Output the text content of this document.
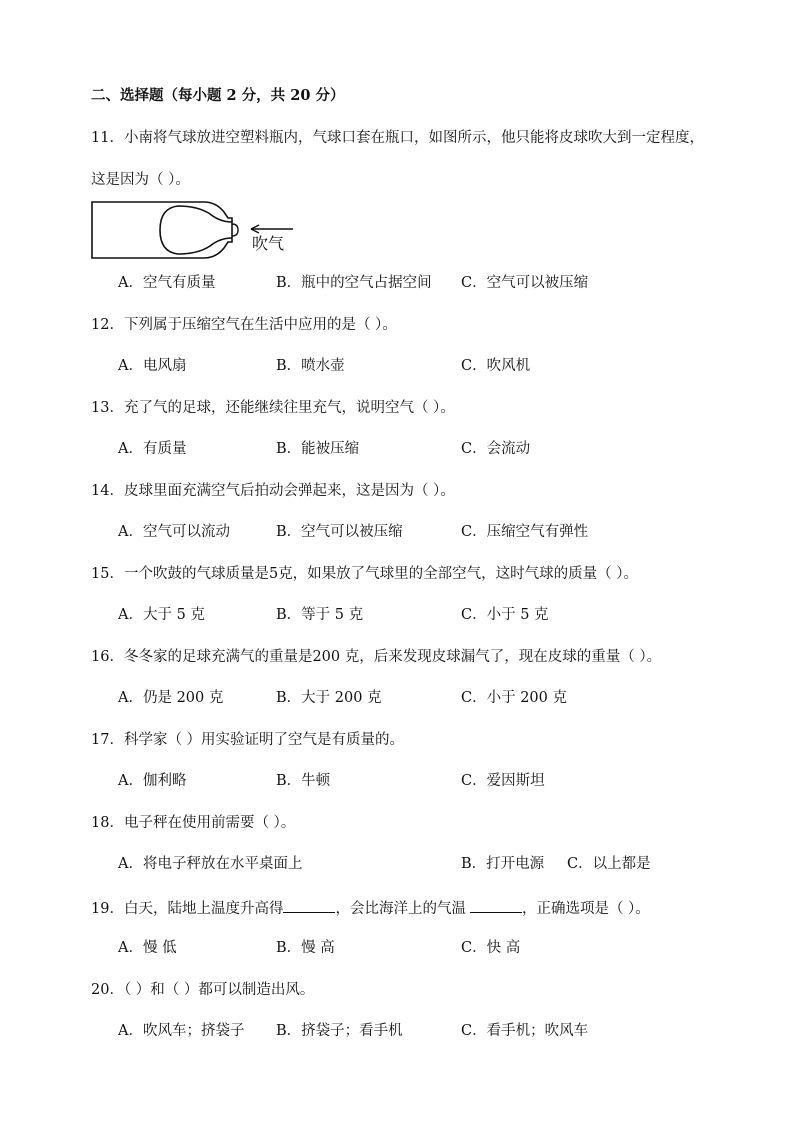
二、选择题（每小题 2 分，共 20 分）
11．小南将气球放进空塑料瓶内，气球口套在瓶口，如图所示，他只能将皮球吹大到一定程度，
这是因为（ ）。
吹气
A．空气有质量	B．瓶中的空气占据空间 C．空气可以被压缩
12．下列属于压缩空气在生活中应用的是（ ）。
A．电风扇	B．喷水壶	C．吹风机
13．充了气的足球，还能继续往里充气，说明空气（ ）。
A．有质量	B．能被压缩	C．会流动
14．皮球里面充满空气后拍动会弹起来，这是因为（ ）。
A．空气可以流动	B．空气可以被压缩	C．压缩空气有弹性
15．一个吹鼓的气球质量是5克，如果放了气球里的全部空气，这时气球的质量（ ）。
A．大于 5 克	B．等于 5 克	C．小于 5 克
16．冬冬家的足球充满气的重量是200 克，后来发现皮球漏气了，现在皮球的重量（ ）。
A．仍是 200 克	B．大于 200 克	C．小于 200 克
17．科学家（ ）用实验证明了空气是有质量的。
A．伽利略	B．牛顿	C．爱因斯坦
18．电子秤在使用前需要（ ）。
A．将电子秤放在水平桌面上	B．打开电源 C．以上都是
19．白天，陆地上温度升高得	，会比海洋上的气温	，正确选项是（ ）。
A．慢 低	B．慢 高	C．快 高
20．（ ）和（ ）都可以制造出风。
A．吹风车；挤袋子 B．挤袋子；看手机	C．看手机；吹风车
